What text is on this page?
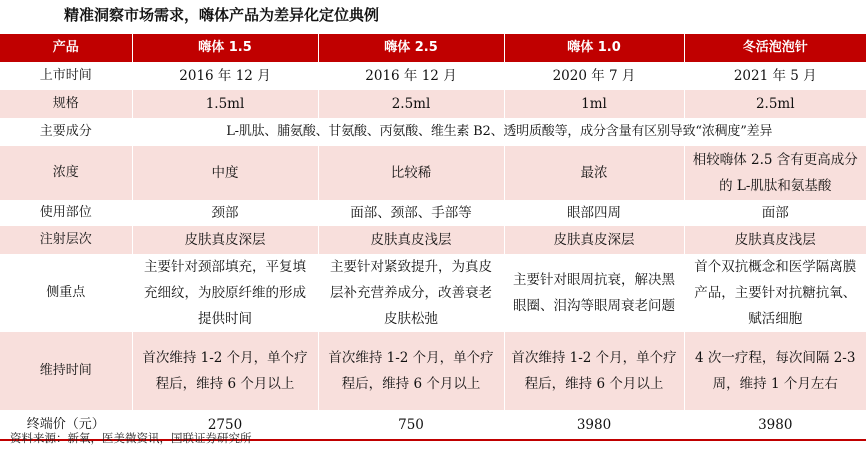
精准洞察市场需求，嗨体产品为差异化定位典例
产品	嗨体 1.5	嗨体 2.5	嗨体 1.0	冬活泡泡针
上市时间	2016 年 12 月	2016 年 12 月	2020 年 7 月	2021 年 5 月
规格	1.5ml	2.5ml	1ml	2.5ml
主要成分	L-肌肽、脯氨酸、甘氨酸、丙氨酸、维生素 B2、透明质酸等，成分含量有区别导致“浓稠度”差异			
浓度	中度	比较稀	最浓	相较嗨体 2.5 含有更高成分的 L-肌肽和氨基酸
使用部位	颈部	面部、颈部、手部等	眼部四周	面部
注射层次	皮肤真皮深层	皮肤真皮浅层	皮肤真皮深层	皮肤真皮浅层
侧重点	主要针对颈部填充，平复填充细纹，为胶原纤维的形成提供时间	主要针对紧致提升，为真皮层补充营养成分，改善衰老皮肤松弛	主要针对眼周抗衰，解决黑眼圈、泪沟等眼周衰老问题	首个双抗概念和医学隔离膜产品，主要针对抗糖抗氧、赋活细胞
维持时间	首次维持 1-2 个月，单个疗程后，维持 6 个月以上	首次维持 1-2 个月，单个疗程后，维持 6 个月以上	首次维持 1-2 个月，单个疗程后，维持 6 个月以上	4 次一疗程，每次间隔 2-3 周，维持 1 个月左右
终端价（元）	2750	750	3980	3980
资料来源：新氧，医美微资讯，国联证券研究所
